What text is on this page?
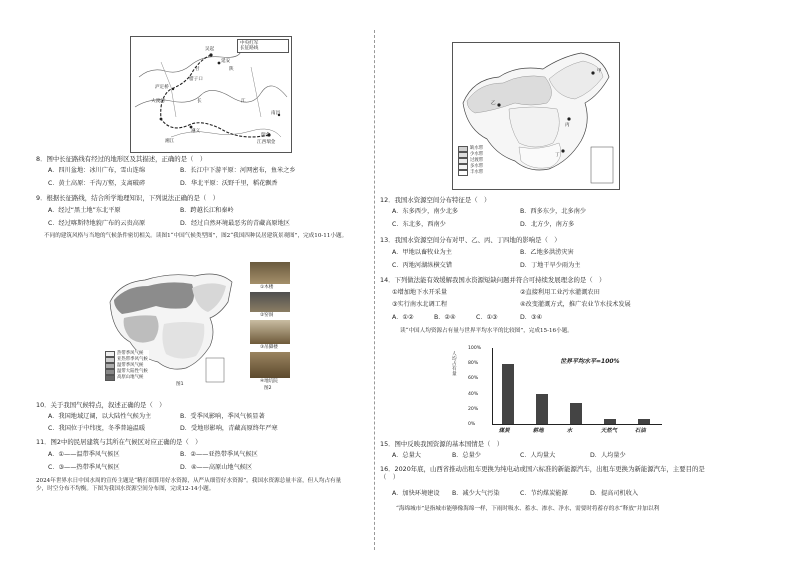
中央红军
长征路线
吴起
延安
陕
甘
腊子口
泸定桥
大渡河	长
遵义
江
南昌
瑞金
江西瑞金
湘江
8．图中长征路线有经过的地形区及其描述，正确的是（　）
A．四川盆地：冰川广布，雪山连绵	B．长江中下游平原：河网密布，鱼米之乡
C．黄土高原：千沟万壑，支离破碎	D．华北平原：沃野千里，稻花飘香
9．根据长征路线，结合所学地理知识，下列说法正确的是（　）
A．经过“黑土地”东北平原	B．跨越长江和秦岭
C．经过喀斯特地貌广布的云贵高原	D．经过自然环境最恶劣的青藏高原地区
不同的建筑风格与当地的气候条件密切相关。读图1“中国气候类型图”，图2“我国四种民居建筑景观图”，完成10-11小题。
热带季风气候
亚热带季风气候
温带季风气候
温带大陆性气候
高原山地气候
图1
①木楼
②窑洞
③吊脚楼
④地坑院
图2
10．关于我国气候特点，叙述正确的是（　）
A．我国地域辽阔，以大陆性气候为主	B．受季风影响，季风气候显著
C．我国位于中纬度，冬季普遍温暖	D．受地形影响，青藏高原终年严寒
11．图2中的民居建筑与其所在气候区对应正确的是（　）
A．①——温带季风气候区	B．②——亚热带季风气候区
C．③——热带季风气候区	D．④——高原山地气候区
2024年世界水日中国水周的宣传主题是“精打细算用好水资源，从严从细管好水资源”。我国水资源总量丰富，但人均占有量少，时空分布不均衡。下图为我国水资源空间分布图，完成12-14小题。
甲
乙
丙
丁
缺水带
少水带
过渡带
多水带
丰水带
12．我国水资源空间分布特征是（　）
A．东多西少，南少北多	B．西多东少，北多南少
C．东北多，西南少	D．北方少，南方多
13．我国水资源空间分布对甲、乙、丙、丁四地的影响是（　）
A．甲地以畜牧业为主	B．乙地多洪涝灾害
C．丙地河湖纵横交错	D．丁地干旱少雨为主
14．下列做法能有效缓解我国水资源短缺问题并符合可持续发展理念的是（　）
①增加地下水开采量	②直接利用工业污水灌溉农田
③实行南水北调工程	④改变灌溉方式，推广农业节水技术发展
A．①②	B．②④	C．①③	D．③④
读“中国人均资源占有量与世界平均水平的比较图”，完成15-16小题。
人均占有量
100%
80%
60%
40%
20%
0%
世界平均水平=100%
煤炭	耕地	水	天然气	石油
15．图中反映我国资源的基本国情是（　）
A．总量大	B．总量少	C．人均量大	D．人均量少
16．2020年底，山西省推动出租车更换为纯电动或国六标准的新能源汽车，出租车更换为新能源汽车，主要目的是（　）
A．加快环境建设 B．减少大气污染	C．节约煤炭能源	D．提高司机收入
“海绵城市”是指城市能够像海绵一样，下雨时吸水、蓄水、渗水、净水，需要时将蓄存的水“释放”并加以利
